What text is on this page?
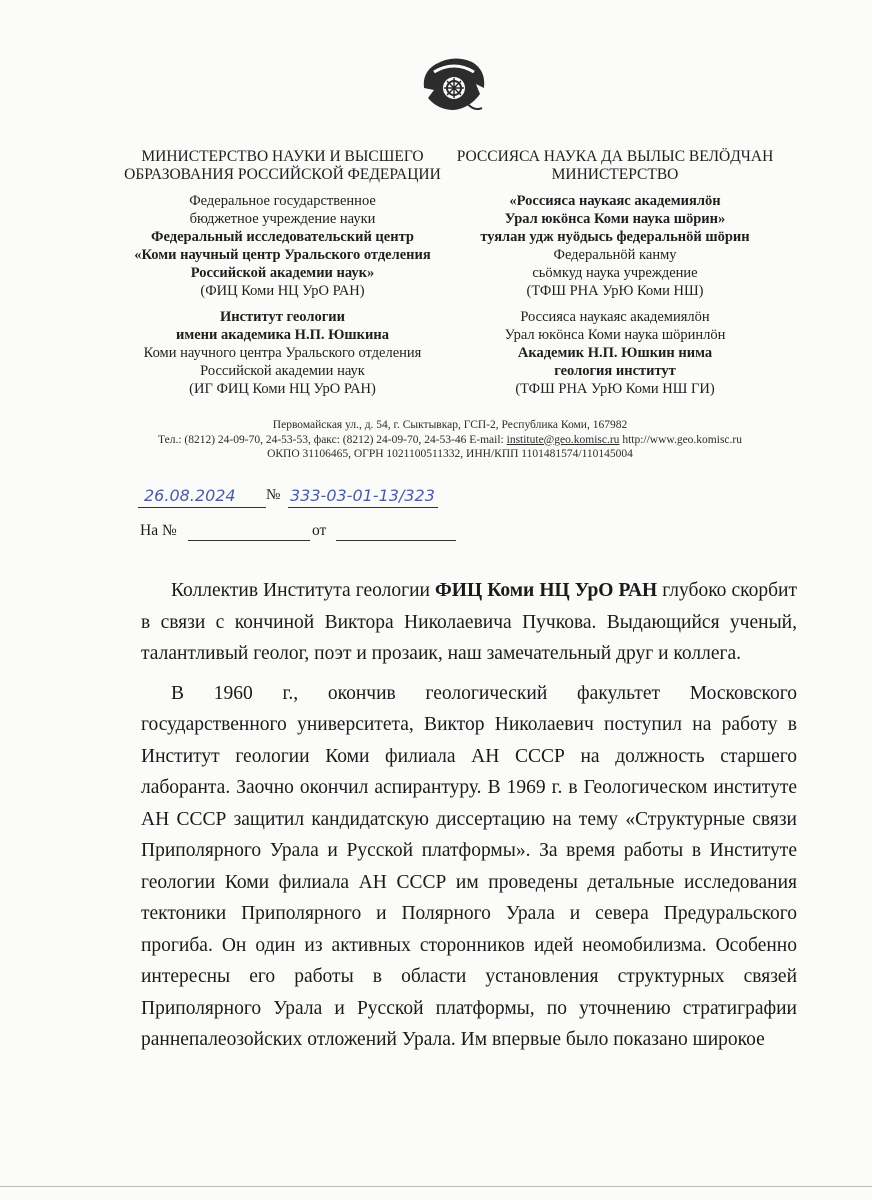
МИНИСТЕРСТВО НАУКИ И ВЫСШЕГО ОБРАЗОВАНИЯ РОССИЙСКОЙ ФЕДЕРАЦИИ
Федеральное государственное
бюджетное учреждение науки
Федеральный исследовательский центр
«Коми научный центр Уральского отделения
Российской академии наук»
(ФИЦ Коми НЦ УрО РАН)
Институт геологии
имени академика Н.П. Юшкина
Коми научного центра Уральского отделения
Российской академии наук
(ИГ ФИЦ Коми НЦ УрО РАН)
РОССИЯСА НАУКА ДА ВЫЛЫС ВЕЛÖДЧАН
МИНИСТЕРСТВО
«Россияса наукаяс академиялöн
Урал юкöнса Коми наука шöрин»
туялан удж нуöдысь федеральнöй шöрин
Федеральнöй канму
сьöмкуд наука учреждение
(ТФШ РНА УрЮ Коми НШ)
Россияса наукаяс академиялöн
Урал юкöнса Коми наука шöринлöн
Академик Н.П. Юшкин нима
геология институт
(ТФШ РНА УрЮ Коми НШ ГИ)
Первомайская ул., д. 54, г. Сыктывкар, ГСП-2, Республика Коми, 167982
Тел.: (8212) 24-09-70, 24-53-53, факс: (8212) 24-09-70, 24-53-46 E-mail: institute@geo.komisc.ru http://www.geo.komisc.ru
ОКПО 31106465, ОГРН 1021100511332, ИНН/КПП 1101481574/110145004
26.08.2024 № 333-03-01-13/323
На №	от

Коллектив Института геологии ФИЦ Коми НЦ УрО РАН глубоко скорбит в связи с кончиной Виктора Николаевича Пучкова. Выдающийся ученый, талантливый геолог, поэт и прозаик, наш замечательный друг и коллега.

В 1960 г., окончив геологический факультет Московского государственного университета, Виктор Николаевич поступил на работу в Институт геологии Коми филиала АН СССР на должность старшего лаборанта. Заочно окончил аспирантуру. В 1969 г. в Геологическом институте АН СССР защитил кандидатскую диссертацию на тему «Структурные связи Приполярного Урала и Русской платформы». За время работы в Институте геологии Коми филиала АН СССР им проведены детальные исследования тектоники Приполярного и Полярного Урала и севера Предуральского прогиба. Он один из активных сторонников идей неомобилизма. Особенно интересны его работы в области установления структурных связей Приполярного Урала и Русской платформы, по уточнению стратиграфии раннепалеозойских отложений Урала. Им впервые было показано широкое
